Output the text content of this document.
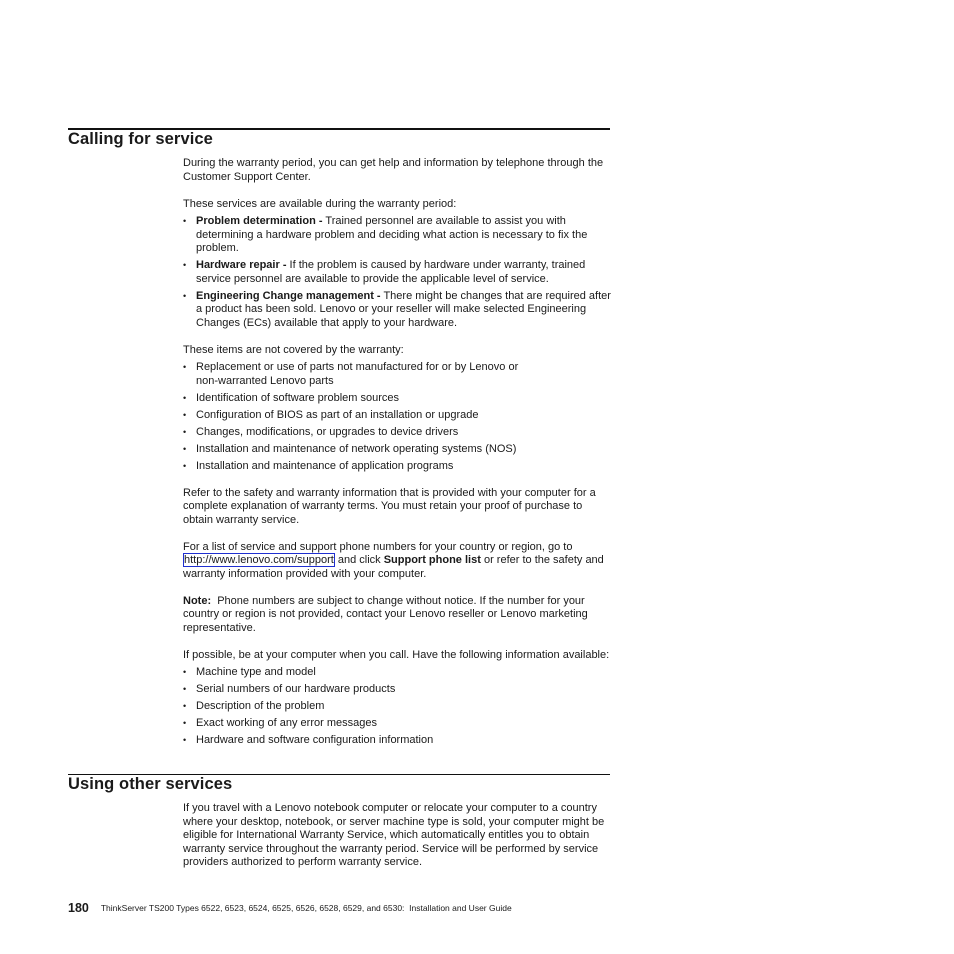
Calling for service

During the warranty period, you can get help and information by telephone through the Customer Support Center.

These services are available during the warranty period:

• Problem determination - Trained personnel are available to assist you with determining a hardware problem and deciding what action is necessary to fix the problem.
• Hardware repair - If the problem is caused by hardware under warranty, trained service personnel are available to provide the applicable level of service.
• Engineering Change management - There might be changes that are required after a product has been sold. Lenovo or your reseller will make selected Engineering Changes (ECs) available that apply to your hardware.

These items are not covered by the warranty:

• Replacement or use of parts not manufactured for or by Lenovo or non-warranted Lenovo parts
• Identification of software problem sources
• Configuration of BIOS as part of an installation or upgrade
• Changes, modifications, or upgrades to device drivers
• Installation and maintenance of network operating systems (NOS)
• Installation and maintenance of application programs

Refer to the safety and warranty information that is provided with your computer for a complete explanation of warranty terms. You must retain your proof of purchase to obtain warranty service.

For a list of service and support phone numbers for your country or region, go to http://www.lenovo.com/support and click Support phone list or refer to the safety and warranty information provided with your computer.

Note:  Phone numbers are subject to change without notice. If the number for your country or region is not provided, contact your Lenovo reseller or Lenovo marketing representative.

If possible, be at your computer when you call. Have the following information available:

• Machine type and model
• Serial numbers of our hardware products
• Description of the problem
• Exact working of any error messages
• Hardware and software configuration information
Using other services

If you travel with a Lenovo notebook computer or relocate your computer to a country where your desktop, notebook, or server machine type is sold, your computer might be eligible for International Warranty Service, which automatically entitles you to obtain warranty service throughout the warranty period. Service will be performed by service providers authorized to perform warranty service.

180 ThinkServer TS200 Types 6522, 6523, 6524, 6525, 6526, 6528, 6529, and 6530:  Installation and User Guide
